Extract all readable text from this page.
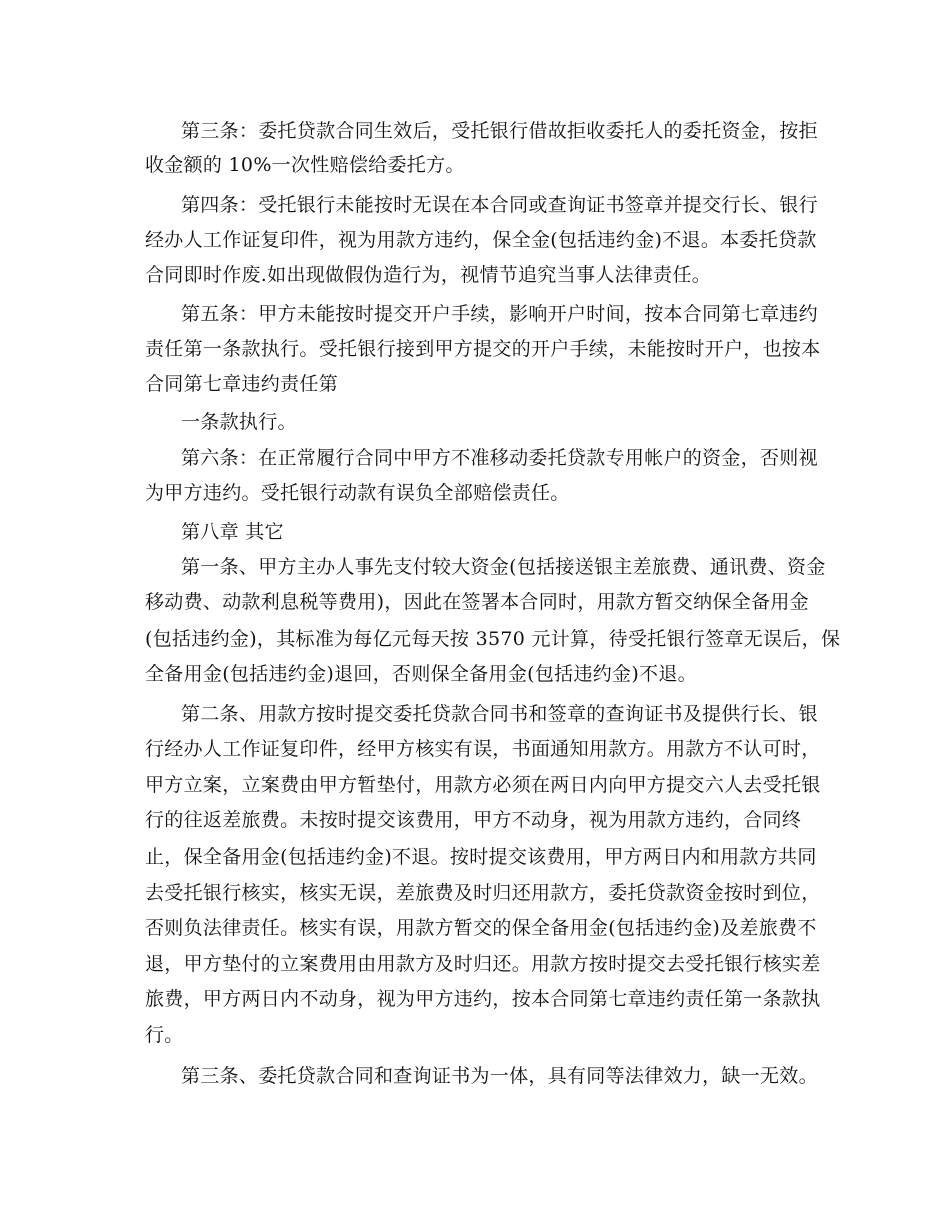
第三条：委托贷款合同生效后，受托银行借故拒收委托人的委托资金，按拒
收金额的 10%一次性赔偿给委托方。
第四条：受托银行未能按时无误在本合同或查询证书签章并提交行长、银行
经办人工作证复印件，视为用款方违约，保全金(包括违约金)不退。本委托贷款
合同即时作废.如出现做假伪造行为，视情节追究当事人法律责任。
第五条：甲方未能按时提交开户手续，影响开户时间，按本合同第七章违约
责任第一条款执行。受托银行接到甲方提交的开户手续，未能按时开户，也按本
合同第七章违约责任第
一条款执行。
第六条：在正常履行合同中甲方不准移动委托贷款专用帐户的资金，否则视
为甲方违约。受托银行动款有误负全部赔偿责任。
第八章 其它
第一条、甲方主办人事先支付较大资金(包括接送银主差旅费、通讯费、资金
移动费、动款利息税等费用)，因此在签署本合同时，用款方暂交纳保全备用金
(包括违约金)，其标准为每亿元每天按 3570 元计算，待受托银行签章无误后，保
全备用金(包括违约金)退回，否则保全备用金(包括违约金)不退。
第二条、用款方按时提交委托贷款合同书和签章的查询证书及提供行长、银
行经办人工作证复印件，经甲方核实有误，书面通知用款方。用款方不认可时，
甲方立案，立案费由甲方暂垫付，用款方必须在两日内向甲方提交六人去受托银
行的往返差旅费。未按时提交该费用，甲方不动身，视为用款方违约，合同终
止，保全备用金(包括违约金)不退。按时提交该费用，甲方两日内和用款方共同
去受托银行核实，核实无误，差旅费及时归还用款方，委托贷款资金按时到位，
否则负法律责任。核实有误，用款方暂交的保全备用金(包括违约金)及差旅费不
退，甲方垫付的立案费用由用款方及时归还。用款方按时提交去受托银行核实差
旅费，甲方两日内不动身，视为甲方违约，按本合同第七章违约责任第一条款执
行。
第三条、委托贷款合同和查询证书为一体，具有同等法律效力，缺一无效。
